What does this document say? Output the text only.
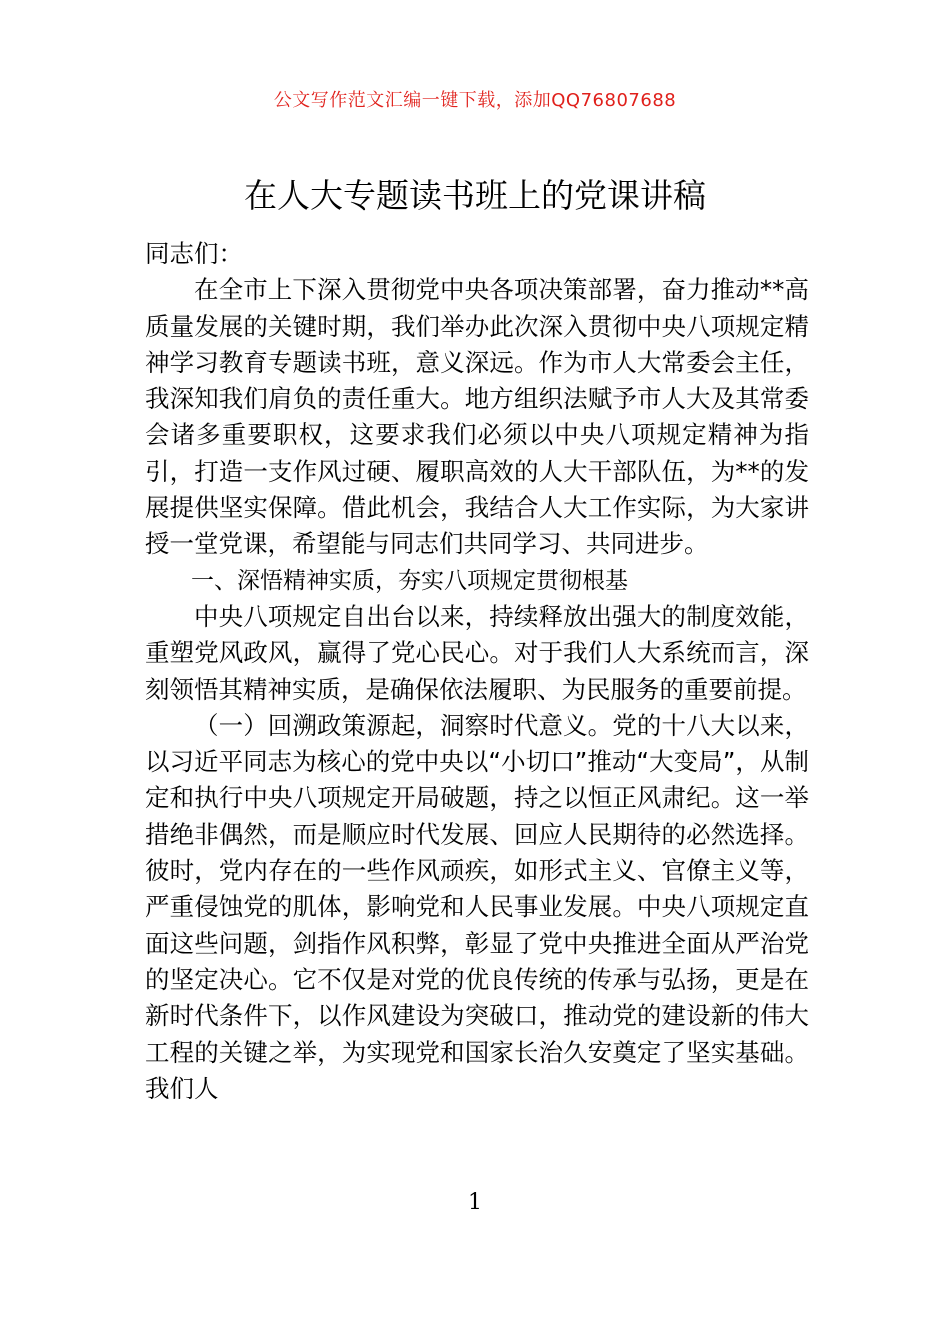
公文写作范文汇编一键下载，添加QQ76807688
在人大专题读书班上的党课讲稿

同志们：

在全市上下深入贯彻党中央各项决策部署，奋力推动**高质量发展的关键时期，我们举办此次深入贯彻中央八项规定精神学习教育专题读书班，意义深远。作为市人大常委会主任，我深知我们肩负的责任重大。地方组织法赋予市人大及其常委会诸多重要职权，这要求我们必须以中央八项规定精神为指引，打造一支作风过硬、履职高效的人大干部队伍，为**的发展提供坚实保障。借此机会，我结合人大工作实际，为大家讲授一堂党课，希望能与同志们共同学习、共同进步。

一、深悟精神实质，夯实八项规定贯彻根基

中央八项规定自出台以来，持续释放出强大的制度效能，重塑党风政风，赢得了党心民心。对于我们人大系统而言，深刻领悟其精神实质，是确保依法履职、为民服务的重要前提。

（一）回溯政策源起，洞察时代意义。党的十八大以来，以习近平同志为核心的党中央以“小切口”推动“大变局”，从制定和执行中央八项规定开局破题，持之以恒正风肃纪。这一举措绝非偶然，而是顺应时代发展、回应人民期待的必然选择。彼时，党内存在的一些作风顽疾，如形式主义、官僚主义等，严重侵蚀党的肌体，影响党和人民事业发展。中央八项规定直面这些问题，剑指作风积弊，彰显了党中央推进全面从严治党的坚定决心。它不仅是对党的优良传统的传承与弘扬，更是在新时代条件下，以作风建设为突破口，推动党的建设新的伟大工程的关键之举，为实现党和国家长治久安奠定了坚实基础。我们人

1
